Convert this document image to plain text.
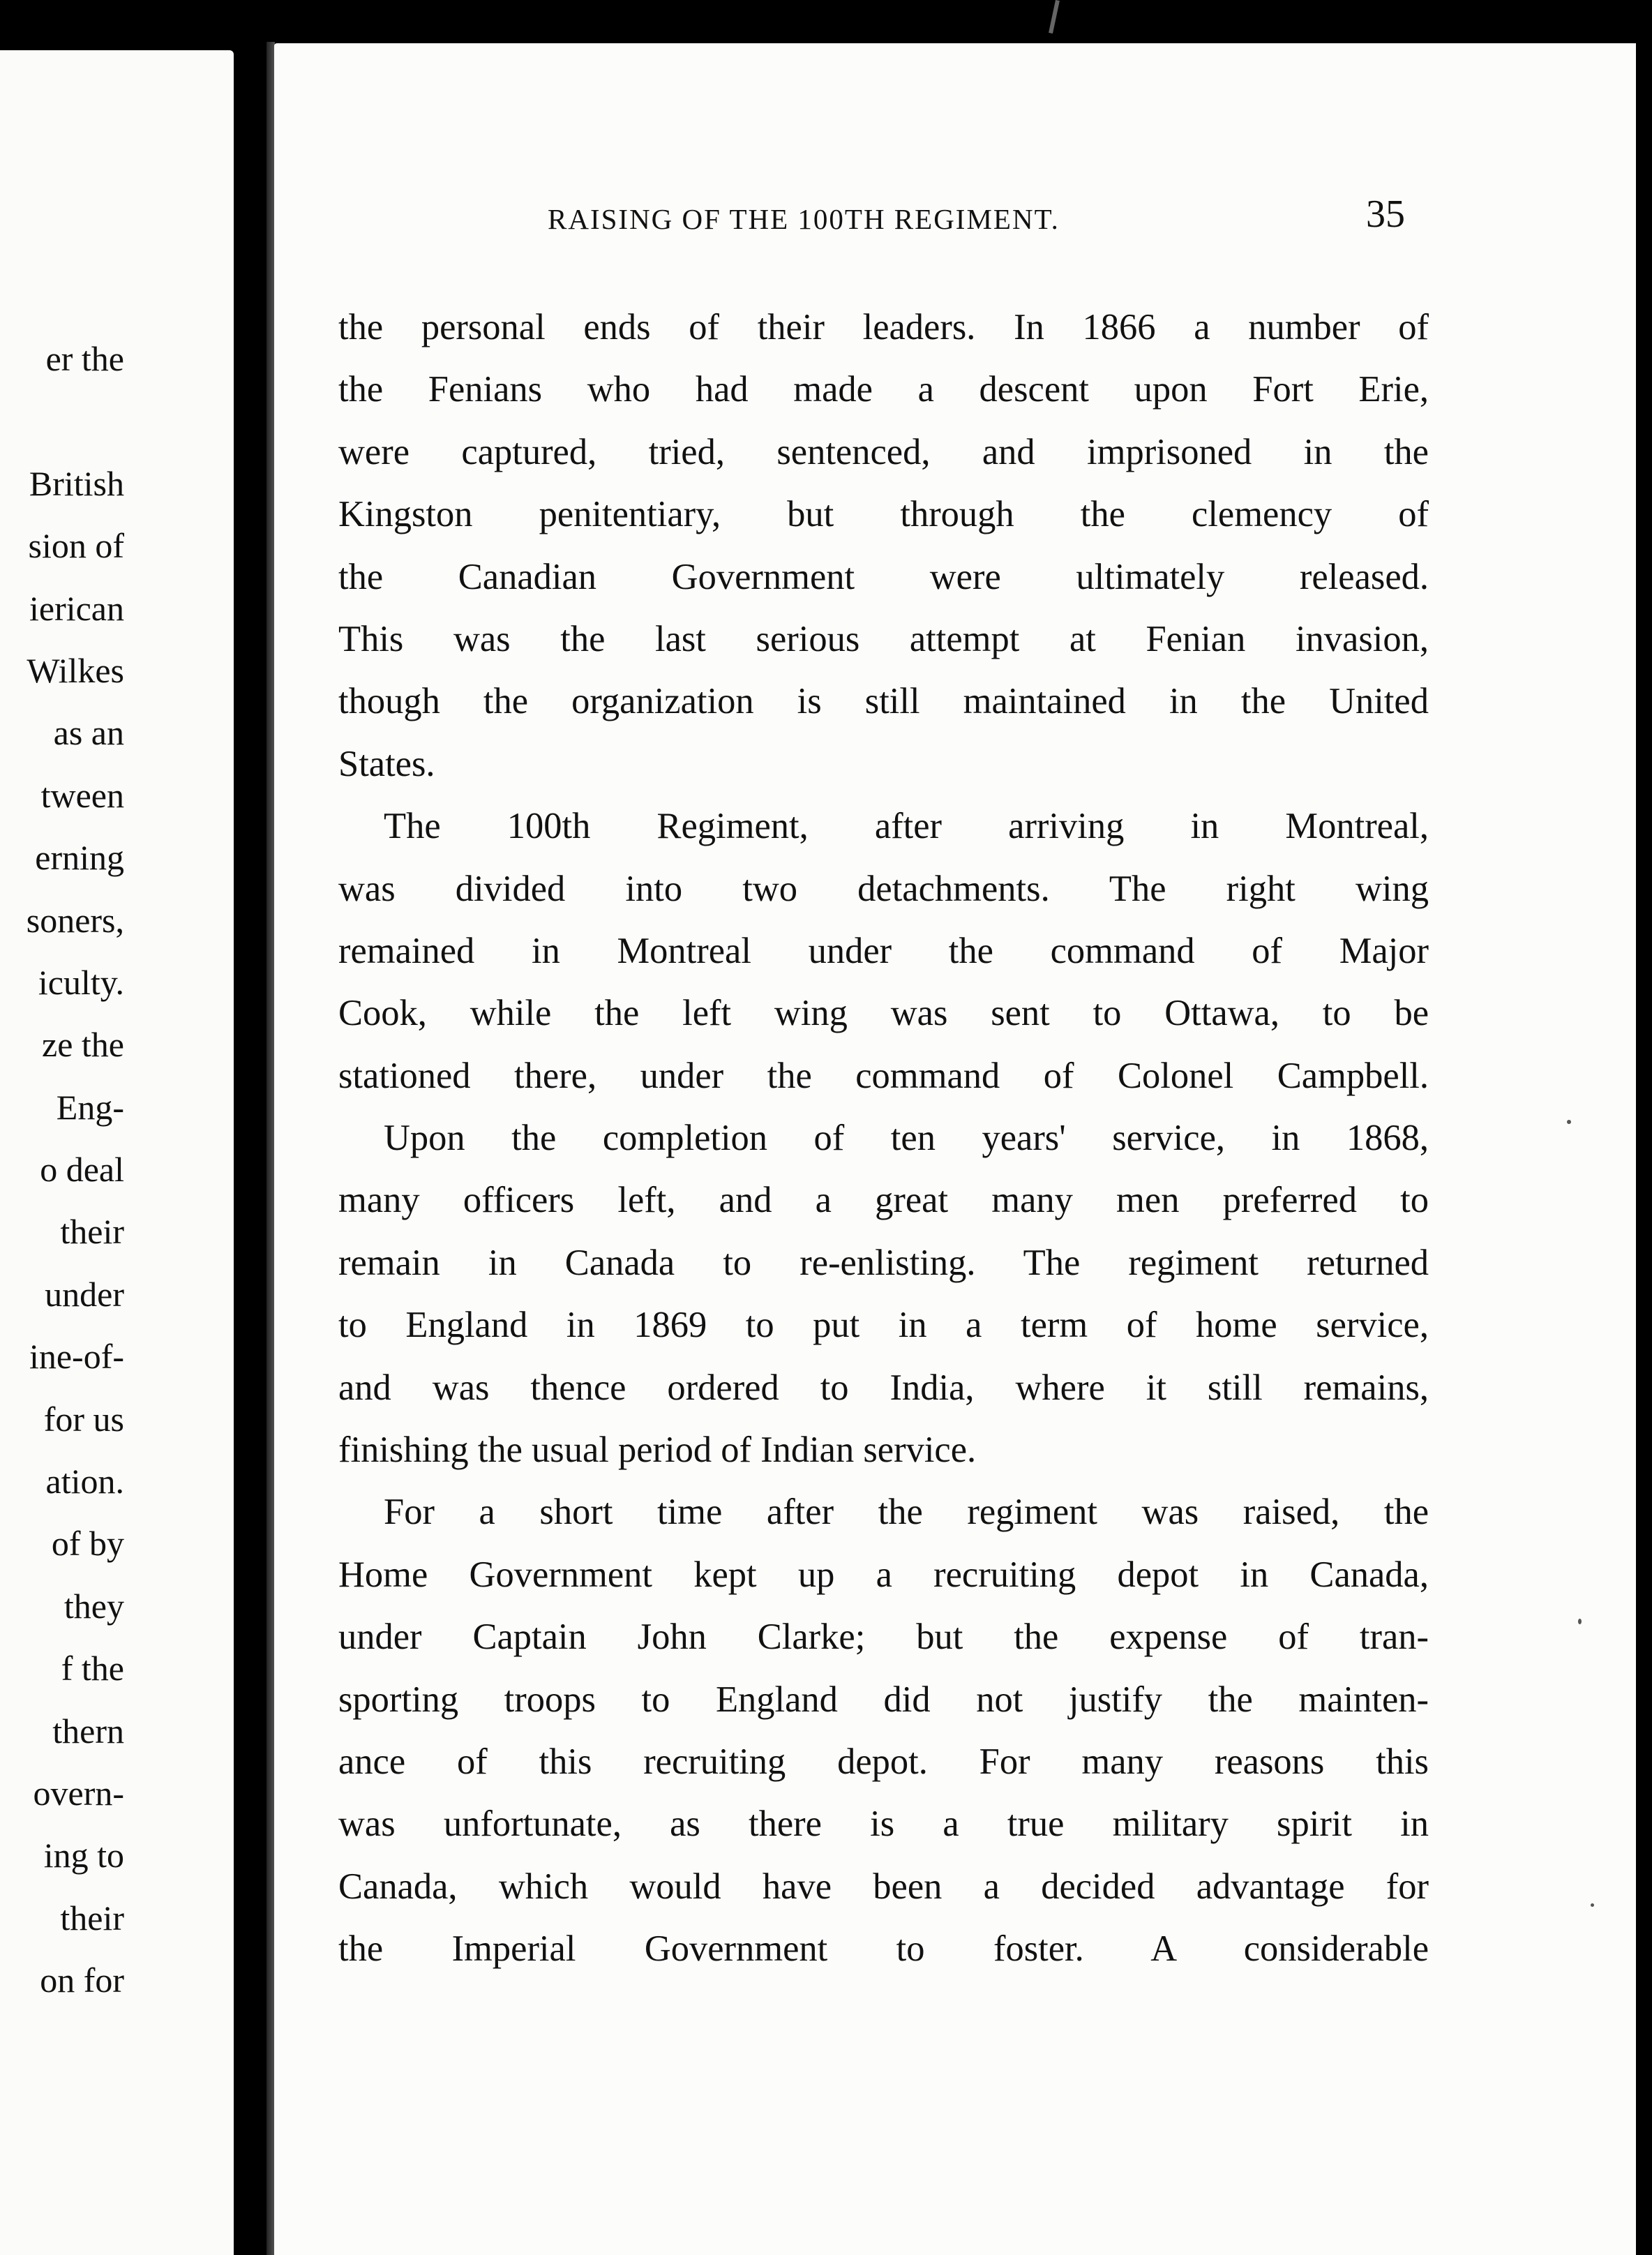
er the
British
sion of
ierican
Wilkes
as an
tween
erning
soners,
iculty.
ze the
Eng-
o deal
their
under
ine-of-
for us
ation.
of by
they
f the
thern
overn-
ing to
their
on for
RAISING OF THE 100TH REGIMENT.	35
the personal ends of their leaders. In 1866 a number of
the Fenians who had made a descent upon Fort Erie,
were captured, tried, sentenced, and imprisoned in the
Kingston penitentiary, but through the clemency of
the Canadian Government were ultimately released.
This was the last serious attempt at Fenian invasion,
though the organization is still maintained in the United
States.
The 100th Regiment, after arriving in Montreal,
was divided into two detachments. The right wing
remained in Montreal under the command of Major
Cook, while the left wing was sent to Ottawa, to be
stationed there, under the command of Colonel Campbell.
Upon the completion of ten years' service, in 1868,
many officers left, and a great many men preferred to
remain in Canada to re-enlisting. The regiment returned
to England in 1869 to put in a term of home service,
and was thence ordered to India, where it still remains,
finishing the usual period of Indian service.
For a short time after the regiment was raised, the
Home Government kept up a recruiting depot in Canada,
under Captain John Clarke; but the expense of tran-
sporting troops to England did not justify the mainten-
ance of this recruiting depot. For many reasons this
was unfortunate, as there is a true military spirit in
Canada, which would have been a decided advantage for
the Imperial Government to foster. A considerable
